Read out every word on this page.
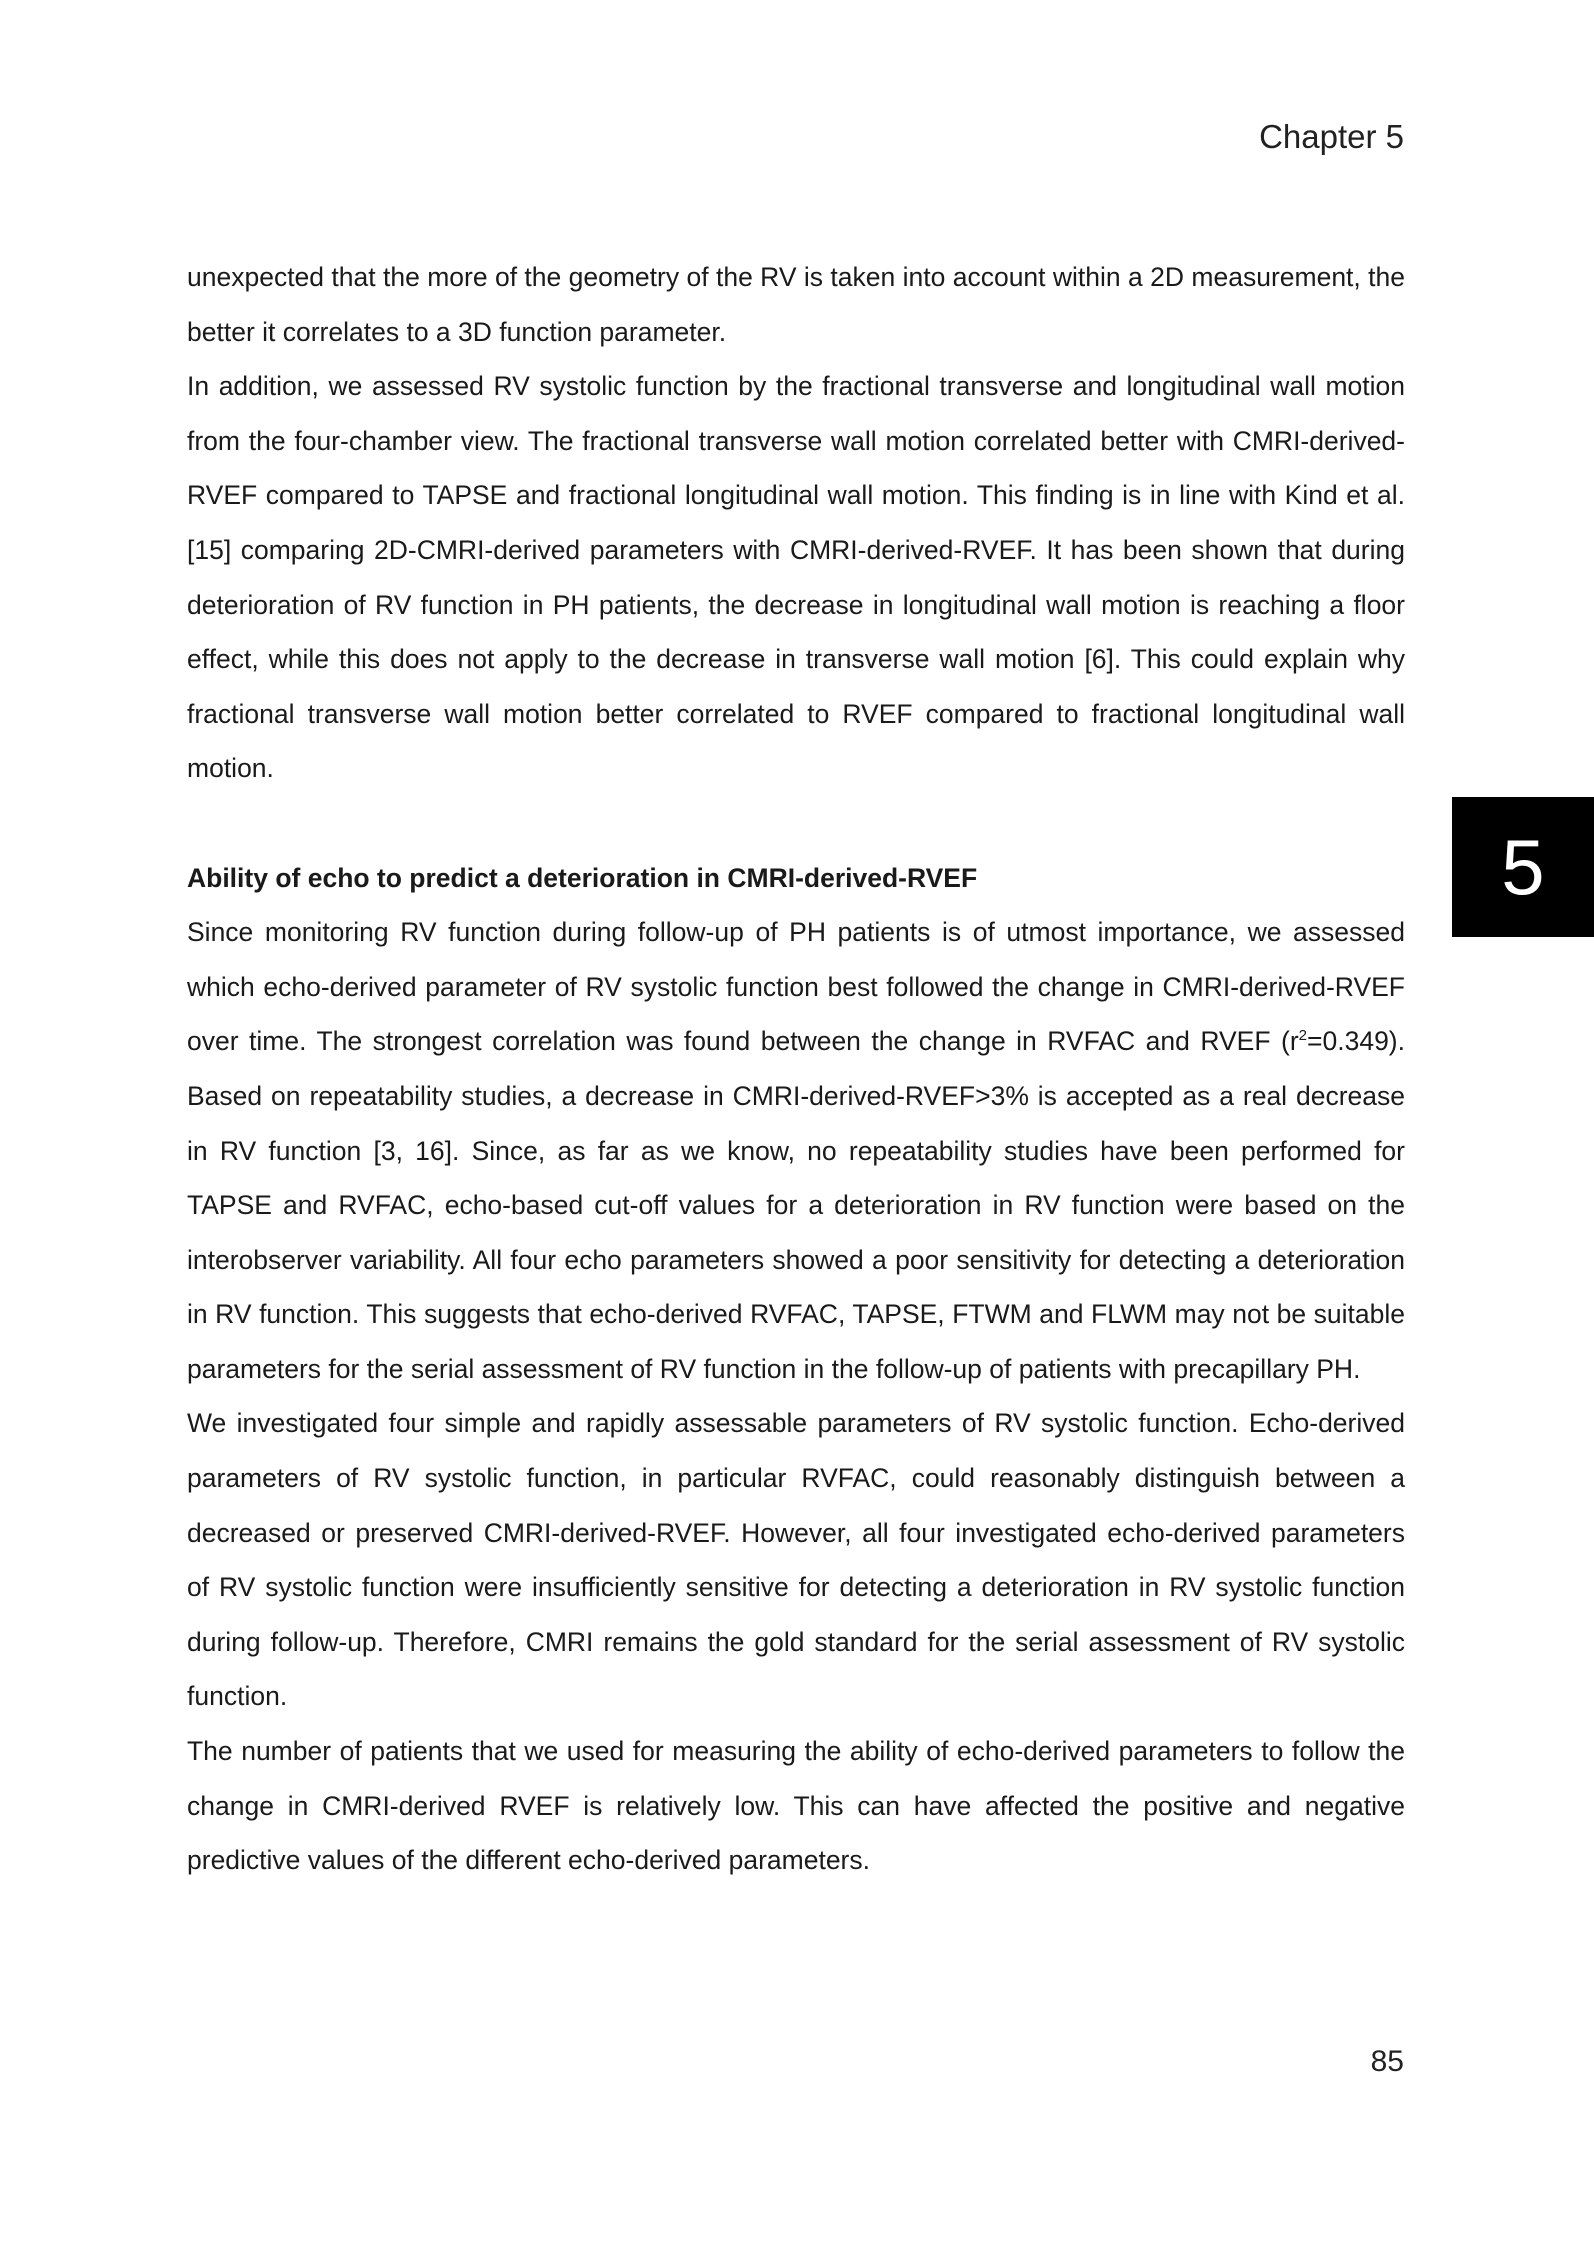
Chapter 5
5

unexpected that the more of the geometry of the RV is taken into account within a 2D measurement, the better it correlates to a 3D function parameter.

In addition, we assessed RV systolic function by the fractional transverse and longitudinal wall motion from the four-chamber view. The fractional transverse wall motion correlated better with CMRI-derived-RVEF compared to TAPSE and fractional longitudinal wall motion. This finding is in line with Kind et al. [15] comparing 2D-CMRI-derived parameters with CMRI-derived-RVEF. It has been shown that during deterioration of RV function in PH patients, the decrease in longitudinal wall motion is reaching a floor effect, while this does not apply to the decrease in transverse wall motion [6]. This could explain why fractional transverse wall motion better correlated to RVEF compared to fractional longitudinal wall motion.

Ability of echo to predict a deterioration in CMRI-derived-RVEF

Since monitoring RV function during follow-up of PH patients is of utmost importance, we assessed which echo-derived parameter of RV systolic function best followed the change in CMRI-derived-RVEF over time. The strongest correlation was found between the change in RVFAC and RVEF $(r^2=0.349)$. Based on repeatability studies, a decrease in CMRI-derived-RVEF>3% is accepted as a real decrease in RV function [3, 16]. Since, as far as we know, no repeatability studies have been performed for TAPSE and RVFAC, echo-based cut-off values for a deterioration in RV function were based on the interobserver variability. All four echo parameters showed a poor sensitivity for detecting a deterioration in RV function. This suggests that echo-derived RVFAC, TAPSE, FTWM and FLWM may not be suitable parameters for the serial assessment of RV function in the follow-up of patients with precapillary PH.

We investigated four simple and rapidly assessable parameters of RV systolic function. Echo-derived parameters of RV systolic function, in particular RVFAC, could reasonably distinguish between a decreased or preserved CMRI-derived-RVEF. However, all four investigated echo-derived parameters of RV systolic function were insufficiently sensitive for detecting a deterioration in RV systolic function during follow-up. Therefore, CMRI remains the gold standard for the serial assessment of RV systolic function.

The number of patients that we used for measuring the ability of echo-derived parameters to follow the change in CMRI-derived RVEF is relatively low. This can have affected the positive and negative predictive values of the different echo-derived parameters.

85
